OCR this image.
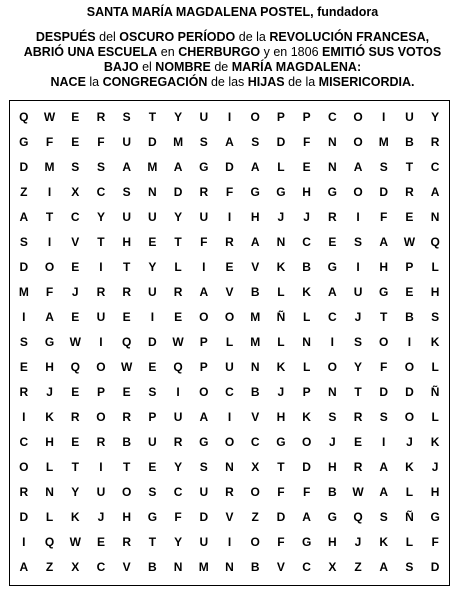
SANTA MARÍA MAGDALENA POSTEL, fundadora
DESPUÉS del OSCURO PERÍODO de la REVOLUCIÓN FRANCESA,
ABRIÓ UNA ESCUELA en CHERBURGO y en 1806 EMITIÓ SUS VOTOS
BAJO el NOMBRE de MARÍA MAGDALENA:
NACE la CONGREGACIÓN de las HIJAS de la MISERICORDIA.
Q	W	E	R	S	T	Y	U	I	O	P	P	C	O	I	U	Y
G	F	E	F	U	D	M	S	A	S	D	F	N	O	M	B	R
D	M	S	S	A	M	A	G	D	A	L	E	N	A	S	T	C
Z	I	X	C	S	N	D	R	F	G	G	H	G	O	D	R	A
A	T	C	Y	U	U	Y	U	I	H	J	J	R	I	F	E	N
S	I	V	T	H	E	T	F	R	A	N	C	E	S	A	W	Q
D	O	E	I	T	Y	L	I	E	V	K	B	G	I	H	P	L
M	F	J	R	R	U	R	A	V	B	L	K	A	U	G	E	H
I	A	E	U	E	I	E	O	O	M	Ñ	L	C	J	T	B	S
S	G	W	I	Q	D	W	P	L	M	L	N	I	S	O	I	K
E	H	Q	O	W	E	Q	P	U	N	K	L	O	Y	F	O	L
R	J	E	P	E	S	I	O	C	B	J	P	N	T	D	D	Ñ
I	K	R	O	R	P	U	A	I	V	H	K	S	R	S	O	L
C	H	E	R	B	U	R	G	O	C	G	O	J	E	I	J	K
O	L	T	I	T	E	Y	S	N	X	T	D	H	R	A	K	J
R	N	Y	U	O	S	C	U	R	O	F	F	B	W	A	L	H
D	L	K	J	H	G	F	D	V	Z	D	A	G	Q	S	Ñ	G
I	Q	W	E	R	T	Y	U	I	O	F	G	H	J	K	L	F
A	Z	X	C	V	B	N	M	N	B	V	C	X	Z	A	S	D
